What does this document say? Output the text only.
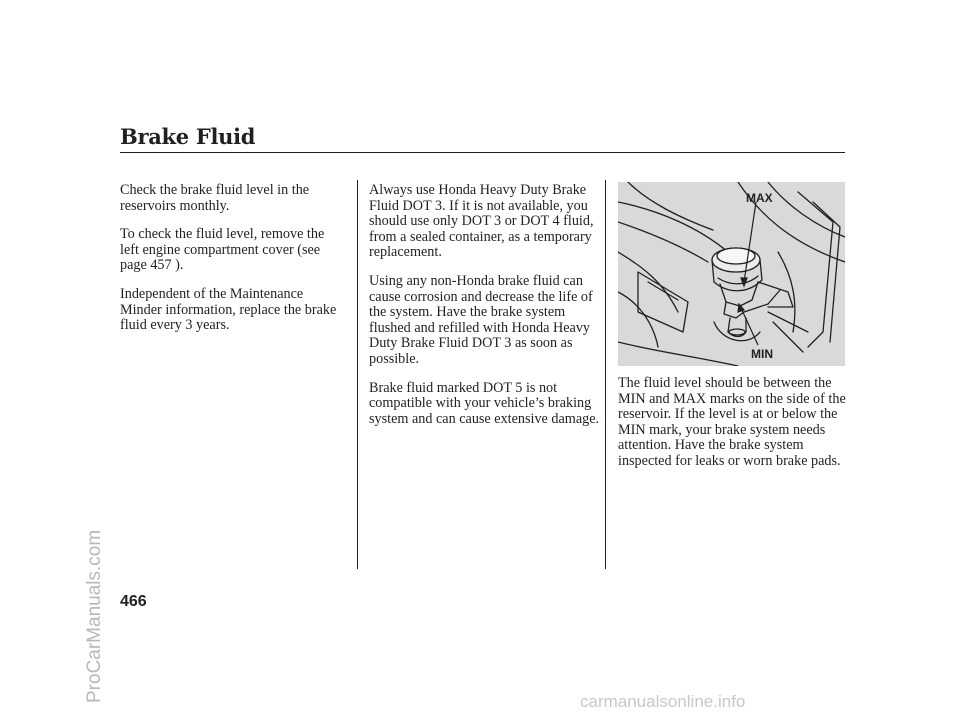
Brake Fluid

Check the brake fluid level in the reservoirs monthly.

To check the fluid level, remove the left engine compartment cover (see page 457 ).

Independent of the Maintenance Minder information, replace the brake fluid every 3 years.

Always use Honda Heavy Duty Brake Fluid DOT 3. If it is not available, you should use only DOT 3 or DOT 4 fluid, from a sealed container, as a temporary replacement.

Using any non-Honda brake fluid can cause corrosion and decrease the life of the system. Have the brake system flushed and refilled with Honda Heavy Duty Brake Fluid DOT 3 as soon as possible.

Brake fluid marked DOT 5 is not compatible with your vehicle’s braking system and can cause extensive damage.

MAX
MIN

The fluid level should be between the MIN and MAX marks on the side of the reservoir. If the level is at or below the MIN mark, your brake system needs attention. Have the brake system inspected for leaks or worn brake pads.

466
ProCarManuals.com	carmanualsonline.info
